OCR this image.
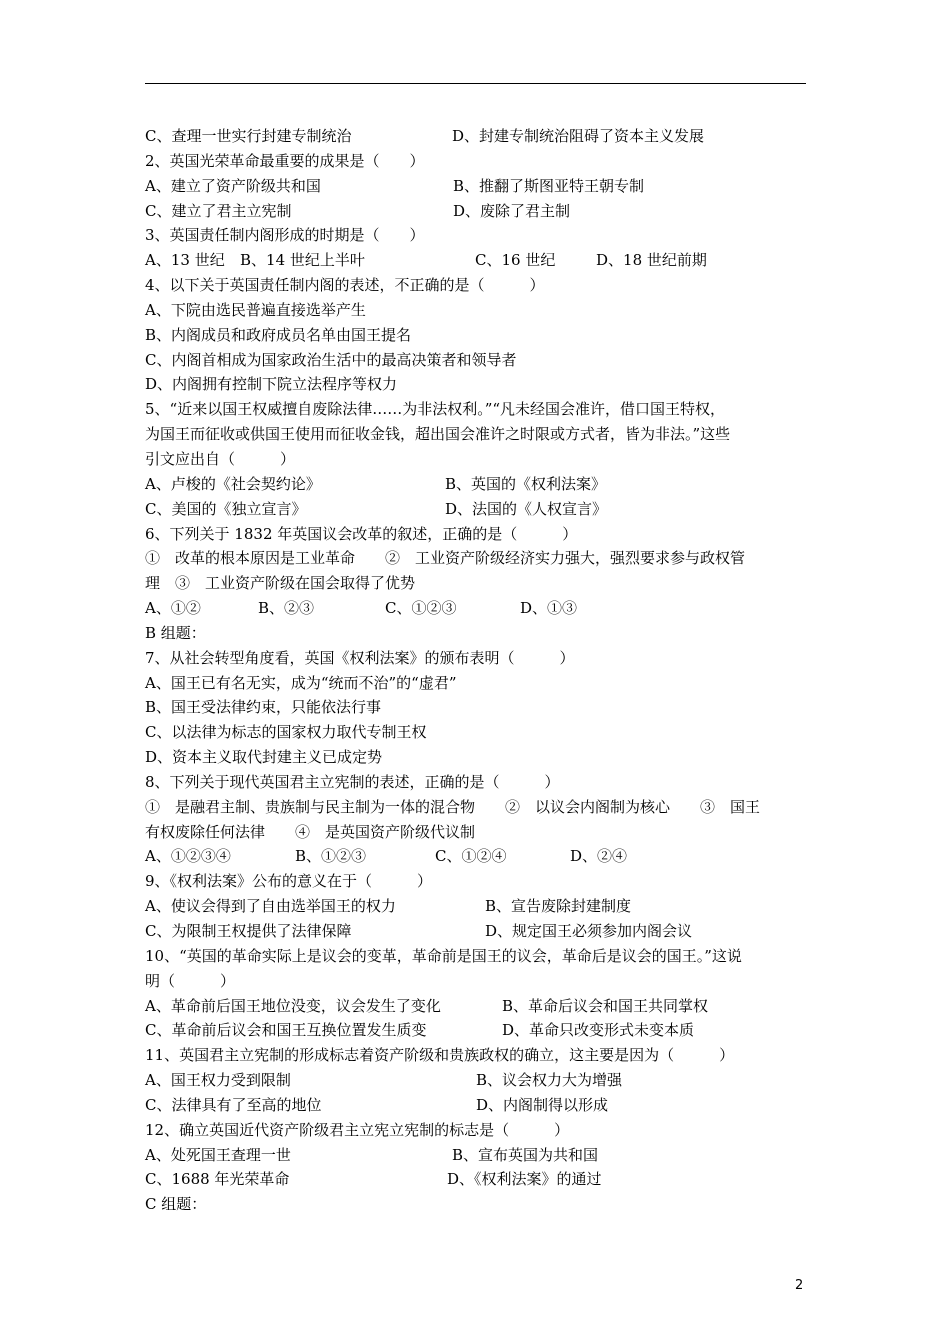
C、查理一世实行封建专制统治	D、封建专制统治阻碍了资本主义发展
2、英国光荣革命最重要的成果是（　　）
A、建立了资产阶级共和国	B、推翻了斯图亚特王朝专制
C、建立了君主立宪制	D、废除了君主制
3、英国责任制内阁形成的时期是（　　）
A、13 世纪 B、14 世纪上半叶	C、16 世纪	D、18 世纪前期
4、以下关于英国责任制内阁的表述，不正确的是（　　　）
A、下院由选民普遍直接选举产生
B、内阁成员和政府成员名单由国王提名
C、内阁首相成为国家政治生活中的最高决策者和领导者
D、内阁拥有控制下院立法程序等权力
5、“近来以国王权威擅自废除法律……为非法权利。”“凡未经国会准许，借口国王特权，
为国王而征收或供国王使用而征收金钱，超出国会准许之时限或方式者，皆为非法。”这些
引文应出自（　　　）
A、卢梭的《社会契约论》	B、英国的《权利法案》
C、美国的《独立宣言》	D、法国的《人权宣言》
6、下列关于 1832 年英国议会改革的叙述，正确的是（　　　）
①　改革的根本原因是工业革命　　②　工业资产阶级经济实力强大，强烈要求参与政权管
理　③　工业资产阶级在国会取得了优势
A、①②	B、②③	C、①②③	D、①③
B 组题：
7、从社会转型角度看，英国《权利法案》的颁布表明（　　　）
A、国王已有名无实，成为“统而不治”的“虚君”
B、国王受法律约束，只能依法行事
C、以法律为标志的国家权力取代专制王权
D、资本主义取代封建主义已成定势
8、下列关于现代英国君主立宪制的表述，正确的是（　　　）
①　是融君主制、贵族制与民主制为一体的混合物　　②　以议会内阁制为核心　　③　国王
有权废除任何法律　　④　是英国资产阶级代议制
A、①②③④	B、①②③	C、①②④	D、②④
9、《权利法案》公布的意义在于（　　　）
A、使议会得到了自由选举国王的权力	B、宣告废除封建制度
C、为限制王权提供了法律保障	D、规定国王必须参加内阁会议
10、“英国的革命实际上是议会的变革，革命前是国王的议会，革命后是议会的国王。”这说
明（　　　）
A、革命前后国王地位没变，议会发生了变化	B、革命后议会和国王共同掌权
C、革命前后议会和国王互换位置发生质变	D、革命只改变形式未变本质
11、英国君主立宪制的形成标志着资产阶级和贵族政权的确立，这主要是因为（　　　）
A、国王权力受到限制	B、议会权力大为增强
C、法律具有了至高的地位	D、内阁制得以形成
12、确立英国近代资产阶级君主立宪立宪制的标志是（　　　）
A、处死国王查理一世	B、宣布英国为共和国
C、1688 年光荣革命	D、《权利法案》的通过
C 组题：
2
